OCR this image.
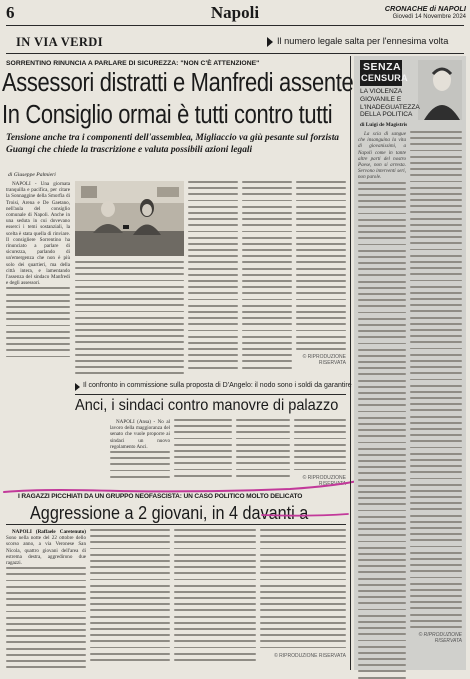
6	Napoli	CRONACHE di NAPOLI
Giovedì 14 Novembre 2024
IN VIA VERDI	Il numero legale salta per l'ennesima volta
SORRENTINO RINUNCIA A PARLARE DI SICUREZZA: "NON C'È ATTENZIONE"
Assessori distratti e Manfredi assente
In Consiglio ormai è tutti contro tutti
Tensione anche tra i componenti dell'assemblea, Migliaccio va giù pesante sul forzista Guangi che chiede la trascrizione e valuta possibili azioni legali
di Giuseppe Palmieri

NAPOLI - Una giornata tranquilla e pacifica, per citare la Sonnaggine della Smorfia di Troisi, Arena e De Gaetano, nell'aula del consiglio comunale di Napoli. Anche in una seduta in cui dovevano esserci i temi sostanziali, la scelta è stata quella di rinviare. Il consigliere Sorrentino ha rinunciato a parlare di sicurezza, parlando di un'emergenza che non è più solo dei quartieri, ma della città intera, e lamentando l'assenza del sindaco Manfredi e degli assessori.

© RIPRODUZIONE RISERVATA
Il confronto in commissione sulla proposta di D'Angelo: il nodo sono i soldi da garantire
Anci, i sindaci contro manovre di palazzo

NAPOLI (Ansa) - No al lavoro della maggioranza del senato che vuole proporre ai sindaci un nuovo regolamento Anci.

© RIPRODUZIONE RISERVATA
I RAGAZZI PICCHIATI DA UN GRUPPO NEOFASCISTA: UN CASO POLITICO MOLTO DELICATO
Aggressione a 2 giovani, in 4 davanti a

NAPOLI (Raffaele Caretenuto) Sono nella notte del 22 ottobre dello scorso anno, a via Veronese San Nicola, quattro giovani dell'area di estrema destra, aggredirono due ragazzi.

© RIPRODUZIONE RISERVATA
SENZA
CENSURA
LA VIOLENZA GIOVANILE E L'INADEGUATEZZA DELLA POLITICA
di Luigi de Magistris

La scia di sangue che insanguina la vita di giovanissimi, a Napoli come in tante altre parti del nostro Paese, non si arresta. Servono interventi seri, non parole.

© RIPRODUZIONE RISERVATA
